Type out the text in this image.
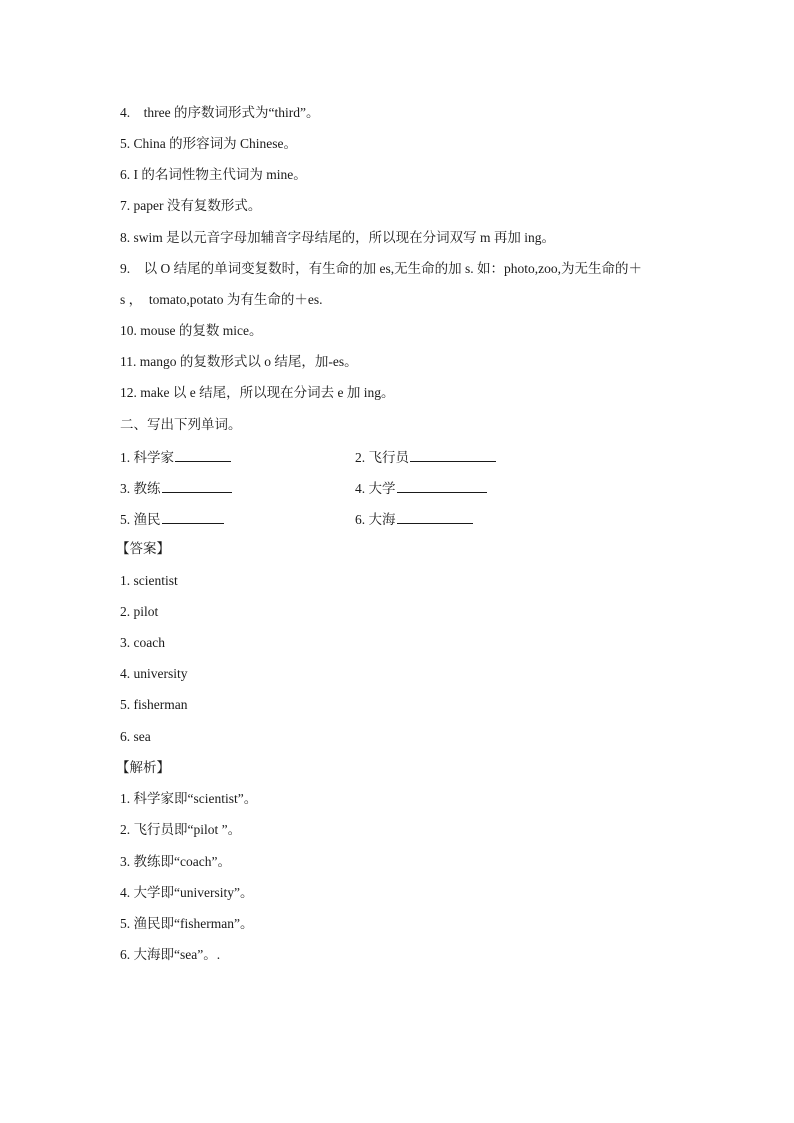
4.　three 的序数词形式为“third”。
5. China 的形容词为 Chinese。
6. I 的名词性物主代词为 mine。
7. paper 没有复数形式。
8. swim 是以元音字母加辅音字母结尾的，所以现在分词双写 m 再加 ing。
9.　以 O 结尾的单词变复数时，有生命的加 es,无生命的加 s. 如：photo,zoo,为无生命的＋
s ，　tomato,potato 为有生命的＋es.
10. mouse 的复数 mice。
11. mango 的复数形式以 o 结尾，加-es。
12. make 以 e 结尾，所以现在分词去 e 加 ing。
二、写出下列单词。
1. 科学家	2. 飞行员
3. 教练	4. 大学
5. 渔民	6. 大海
【答案】
1. scientist
2. pilot
3. coach
4. university
5. fisherman
6. sea
【解析】
1. 科学家即“scientist”。
2. 飞行员即“pilot ”。
3. 教练即“coach”。
4. 大学即“university”。
5. 渔民即“fisherman”。
6. 大海即“sea”。.
